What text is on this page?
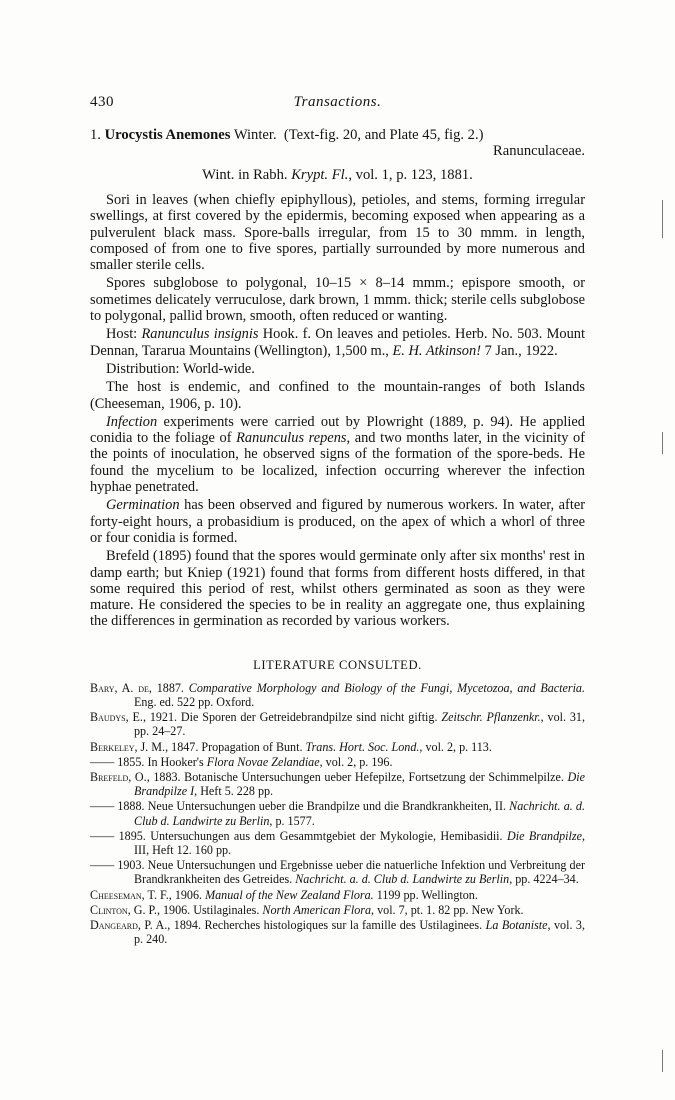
430	Transactions.
1. Urocystis Anemones Winter. (Text-fig. 20, and Plate 45, fig. 2.)
Ranunculaceae.
Wint. in Rabh. Krypt. Fl., vol. 1, p. 123, 1881.

Sori in leaves (when chiefly epiphyllous), petioles, and stems, forming irregular swellings, at first covered by the epidermis, becoming exposed when appearing as a pulverulent black mass. Spore-balls irregular, from 15 to 30 mmm. in length, composed of from one to five spores, partially surrounded by more numerous and smaller sterile cells.

Spores subglobose to polygonal, 10–15 × 8–14 mmm.; epispore smooth, or sometimes delicately verruculose, dark brown, 1 mmm. thick; sterile cells subglobose to polygonal, pallid brown, smooth, often reduced or wanting.

Host: Ranunculus insignis Hook. f. On leaves and petioles. Herb. No. 503. Mount Dennan, Tararua Mountains (Wellington), 1,500 m., E. H. Atkinson! 7 Jan., 1922.

Distribution: World-wide.

The host is endemic, and confined to the mountain-ranges of both Islands (Cheeseman, 1906, p. 10).

Infection experiments were carried out by Plowright (1889, p. 94). He applied conidia to the foliage of Ranunculus repens, and two months later, in the vicinity of the points of inoculation, he observed signs of the formation of the spore-beds. He found the mycelium to be localized, infection occurring wherever the infection hyphae penetrated.

Germination has been observed and figured by numerous workers. In water, after forty-eight hours, a probasidium is produced, on the apex of which a whorl of three or four conidia is formed.

Brefeld (1895) found that the spores would germinate only after six months' rest in damp earth; but Kniep (1921) found that forms from different hosts differed, in that some required this period of rest, whilst others germinated as soon as they were mature. He considered the species to be in reality an aggregate one, thus explaining the differences in germination as recorded by various workers.

LITERATURE CONSULTED.
Bary, A. de, 1887. Comparative Morphology and Biology of the Fungi, Mycetozoa, and Bacteria. Eng. ed. 522 pp. Oxford.
Baudys, E., 1921. Die Sporen der Getreidebrandpilze sind nicht giftig. Zeitschr. Pflanzenkr., vol. 31, pp. 24–27.
Berkeley, J. M., 1847. Propagation of Bunt. Trans. Hort. Soc. Lond., vol. 2, p. 113.
—— 1855. In Hooker's Flora Novae Zelandiae, vol. 2, p. 196.
Brefeld, O., 1883. Botanische Untersuchungen ueber Hefepilze, Fortsetzung der Schimmelpilze. Die Brandpilze I, Heft 5. 228 pp.
—— 1888. Neue Untersuchungen ueber die Brandpilze und die Brandkrankheiten, II. Nachricht. a. d. Club d. Landwirte zu Berlin, p. 1577.
—— 1895. Untersuchungen aus dem Gesammtgebiet der Mykologie, Hemibasidii. Die Brandpilze, III, Heft 12. 160 pp.
—— 1903. Neue Untersuchungen und Ergebnisse ueber die natuerliche Infektion und Verbreitung der Brandkrankheiten des Getreides. Nachricht. a. d. Club d. Landwirte zu Berlin, pp. 4224–34.
Cheeseman, T. F., 1906. Manual of the New Zealand Flora. 1199 pp. Wellington.
Clinton, G. P., 1906. Ustilaginales. North American Flora, vol. 7, pt. 1. 82 pp. New York.
Dangeard, P. A., 1894. Recherches histologiques sur la famille des Ustilaginees. La Botaniste, vol. 3, p. 240.
